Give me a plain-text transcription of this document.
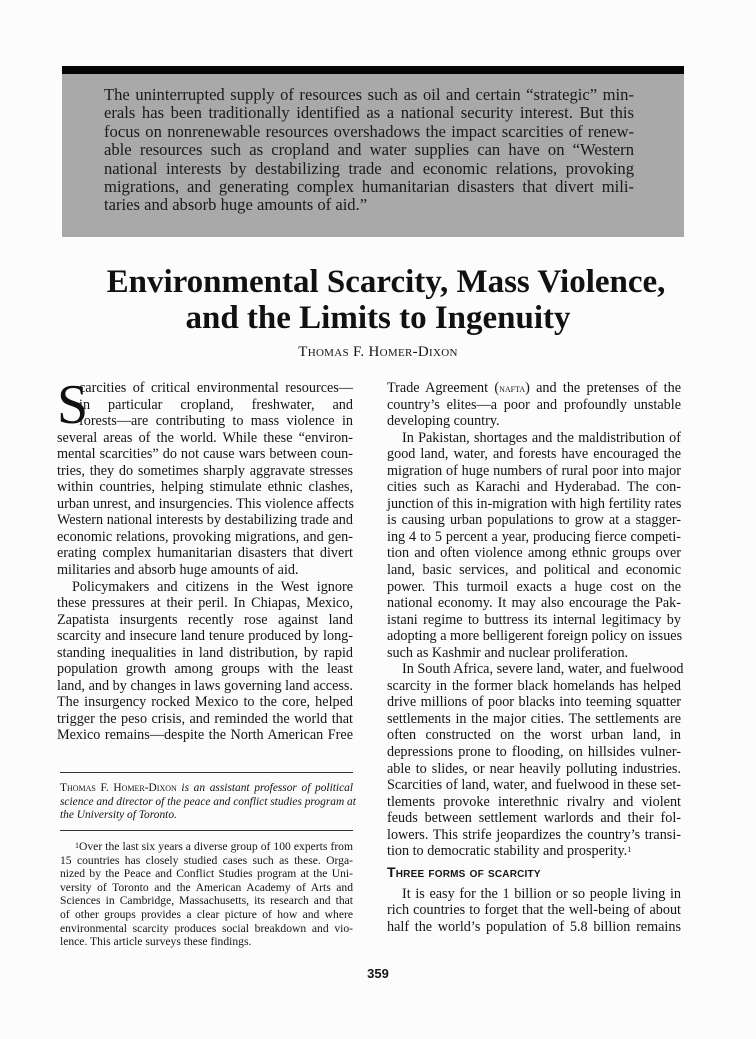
The uninterrupted supply of resources such as oil and certain “strategic” min-
erals has been traditionally identified as a national security interest. But this
focus on nonrenewable resources overshadows the impact scarcities of renew-
able resources such as cropland and water supplies can have on “Western
national interests by destabilizing trade and economic relations, provoking
migrations, and generating complex humanitarian disasters that divert mili-
taries and absorb huge amounts of aid.”
Environmental Scarcity, Mass Violence,
and the Limits to Ingenuity
Thomas F. Homer-Dixon
S
carcities of critical environmental resources—
in particular cropland, freshwater, and
forests—are contributing to mass violence in
several areas of the world. While these “environ-
mental scarcities” do not cause wars between coun-
tries, they do sometimes sharply aggravate stresses
within countries, helping stimulate ethnic clashes,
urban unrest, and insurgencies. This violence affects
Western national interests by destabilizing trade and
economic relations, provoking migrations, and gen-
erating complex humanitarian disasters that divert
militaries and absorb huge amounts of aid.
Policymakers and citizens in the West ignore
these pressures at their peril. In Chiapas, Mexico,
Zapatista insurgents recently rose against land
scarcity and insecure land tenure produced by long-
standing inequalities in land distribution, by rapid
population growth among groups with the least
land, and by changes in laws governing land access.
The insurgency rocked Mexico to the core, helped
trigger the peso crisis, and reminded the world that
Mexico remains—despite the North American Free
Thomas F. Homer-Dixon is an assistant professor of political
science and director of the peace and conflict studies program at
the University of Toronto.
$^1$Over the last six years a diverse group of 100 experts from
15 countries has closely studied cases such as these. Orga-
nized by the Peace and Conflict Studies program at the Uni-
versity of Toronto and the American Academy of Arts and
Sciences in Cambridge, Massachusetts, its research and that
of other groups provides a clear picture of how and where
environmental scarcity produces social breakdown and vio-
lence. This article surveys these findings.
Trade Agreement (nafta) and the pretenses of the
country’s elites—a poor and profoundly unstable
developing country.
In Pakistan, shortages and the maldistribution of
good land, water, and forests have encouraged the
migration of huge numbers of rural poor into major
cities such as Karachi and Hyderabad. The con-
junction of this in-migration with high fertility rates
is causing urban populations to grow at a stagger-
ing 4 to 5 percent a year, producing fierce competi-
tion and often violence among ethnic groups over
land, basic services, and political and economic
power. This turmoil exacts a huge cost on the
national economy. It may also encourage the Pak-
istani regime to buttress its internal legitimacy by
adopting a more belligerent foreign policy on issues
such as Kashmir and nuclear proliferation.
In South Africa, severe land, water, and fuelwood
scarcity in the former black homelands has helped
drive millions of poor blacks into teeming squatter
settlements in the major cities. The settlements are
often constructed on the worst urban land, in
depressions prone to flooding, on hillsides vulner-
able to slides, or near heavily polluting industries.
Scarcities of land, water, and fuelwood in these set-
tlements provoke interethnic rivalry and violent
feuds between settlement warlords and their fol-
lowers. This strife jeopardizes the country’s transi-
tion to democratic stability and prosperity.$^1$
Three forms of scarcity
It is easy for the 1 billion or so people living in
rich countries to forget that the well-being of about
half the world’s population of 5.8 billion remains
359
